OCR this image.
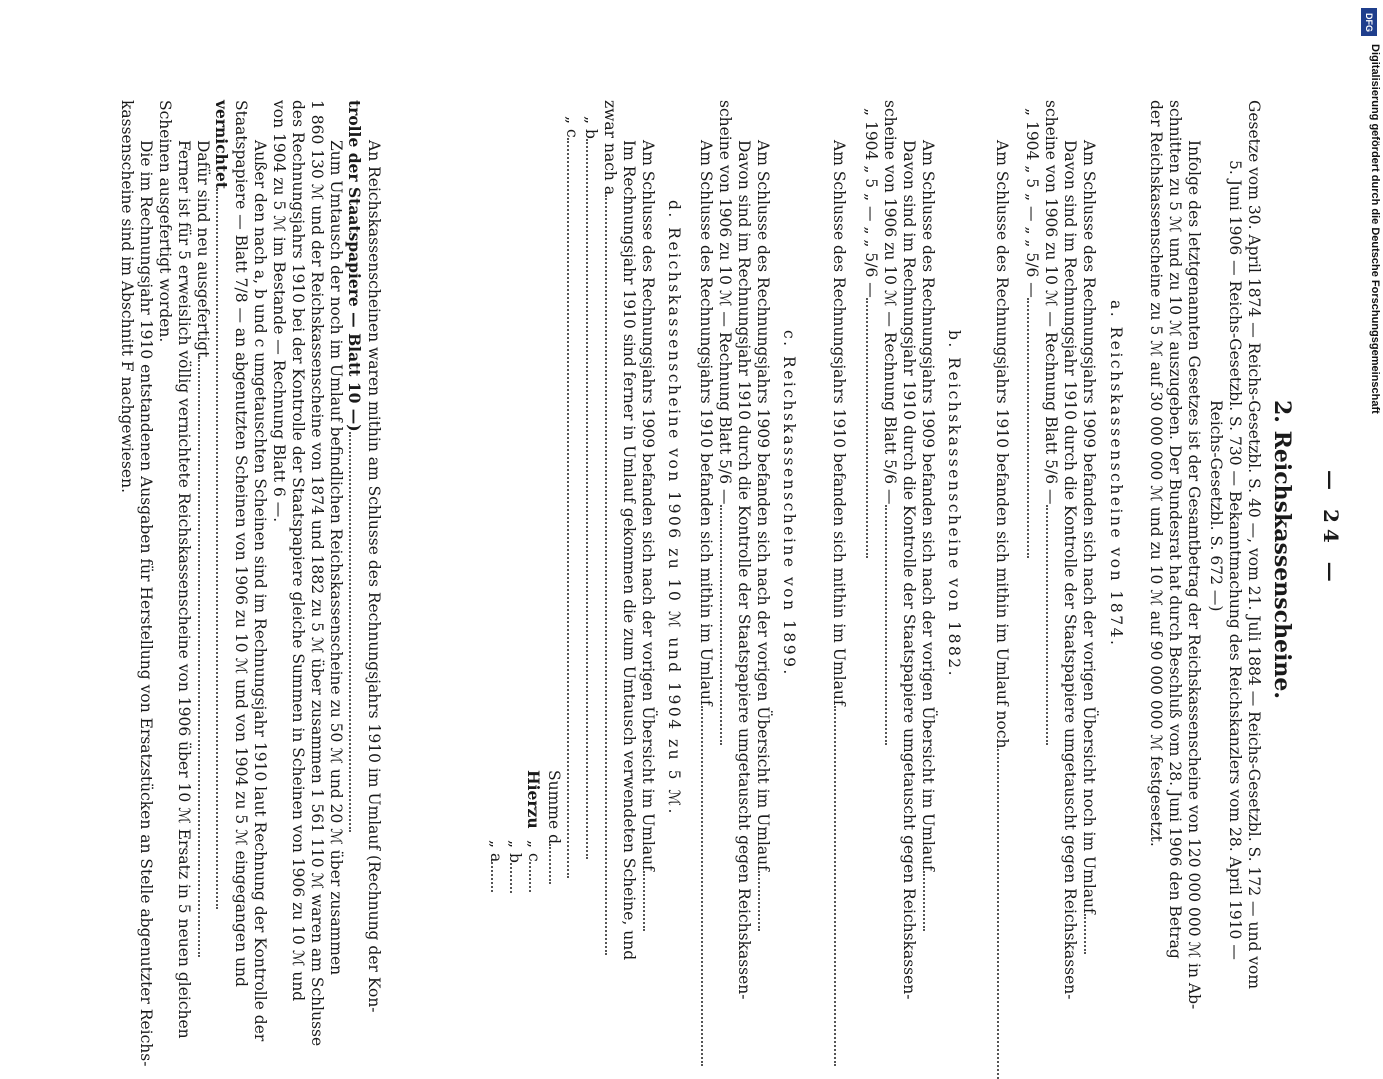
— 24 —
2. Reichskassenscheine.
Gesetze vom 30. April 1874 — Reichs-Gesetzbl. S. 40 —, vom 21. Juli 1884 — Reichs-Gesetzbl. S. 172 — und vom
5. Juni 1906 — Reichs-Gesetzbl. S. 730 — Bekanntmachung des Reichskanzlers vom 28. April 1910 —
Reichs-Gesetzbl. S. 672 —)
Infolge des letztgenannten Gesetzes ist der Gesamtbetrag der Reichskassenscheine von 120 000 000 ℳ in Ab-
schnitten zu 5 ℳ und zu 10 ℳ auszugeben. Der Bundesrat hat durch Beschluß vom 28. Juni 1906 den Betrag
der Reichskassenscheine zu 5 ℳ auf 30 000 000 ℳ und zu 10 ℳ auf 90 000 000 ℳ festgesetzt.
a. Reichskassenscheine von 1874.
Am Schlusse des Rechnungsjahrs 1909 befanden sich nach der vorigen Übersicht noch im Umlauf
Davon sind im Rechnungsjahr 1910 durch die Kontrolle der Staatspapiere umgetauscht gegen Reichskassen-
scheine von 1906 zu 10 ℳ — Rechnung Blatt 5/6 —
„ 1904 „ 5 „ — „ „ 5/6 —
Am Schlusse des Rechnungsjahrs 1910 befanden sich mithin im Umlauf noch
b. Reichskassenscheine von 1882.
Am Schlusse des Rechnungsjahrs 1909 befanden sich nach der vorigen Übersicht im Umlauf
Davon sind im Rechnungsjahr 1910 durch die Kontrolle der Staatspapiere umgetauscht gegen Reichskassen-
scheine von 1906 zu 10 ℳ — Rechnung Blatt 5/6 —
„ 1904 „ 5 „ — „ „ 5/6 —
Am Schlusse des Rechnungsjahrs 1910 befanden sich mithin im Umlauf
c. Reichskassenscheine von 1899.
Am Schlusse des Rechnungsjahrs 1909 befanden sich nach der vorigen Übersicht im Umlauf
Davon sind im Rechnungsjahr 1910 durch die Kontrolle der Staatspapiere umgetauscht gegen Reichskassen-
scheine von 1906 zu 10 ℳ — Rechnung Blatt 5/6 —
Am Schlusse des Rechnungsjahrs 1910 befanden sich mithin im Umlauf
d. Reichskassenscheine von 1906 zu 10 ℳ und 1904 zu 5 ℳ.
Am Schlusse des Rechnungsjahrs 1909 befanden sich nach der vorigen Übersicht im Umlauf
Im Rechnungsjahr 1910 sind ferner in Umlauf gekommen die zum Umtausch verwendeten Scheine, und
zwar nach a
„ b
„ c
Summe d
Hierzu
„ c
„ b
„ a
An Reichskassenscheinen waren mithin am Schlusse des Rechnungsjahrs 1910 im Umlauf (Rechnung der Kon-
trolle der Staatspapiere — Blatt 10 —)
Zum Umtausch der noch im Umlauf befindlichen Reichskassenscheine zu 50 ℳ und 20 ℳ über zusammen
1 860 130 ℳ und der Reichskassenscheine von 1874 und 1882 zu 5 ℳ über zusammen 1 561 110 ℳ waren am Schlusse
des Rechnungsjahrs 1910 bei der Kontrolle der Staatspapiere gleiche Summen in Scheinen von 1906 zu 10 ℳ und
von 1904 zu 5 ℳ im Bestande — Rechnung Blatt 6 —.
Außer den nach a, b und c umgetauschten Scheinen sind im Rechnungsjahr 1910 laut Rechnung der Kontrolle der
Staatspapiere — Blatt 7/8 — an abgenutzten Scheinen von 1906 zu 10 ℳ und von 1904 zu 5 ℳ eingegangen und
vernichtet
Dafür sind neu ausgefertigt
Ferner ist für 5 erweislich völlig vernichtete Reichskassenscheine von 1906 über 10 ℳ Ersatz in 5 neuen gleichen
Scheinen ausgefertigt worden.
Die im Rechnungsjahr 1910 entstandenen Ausgaben für Herstellung von Ersatzstücken an Stelle abgenutzter Reichs-
kassenscheine sind im Abschnitt F nachgewiesen.
DFG
Digitalisierung gefördert durch die Deutsche Forschungsgemeinschaft
